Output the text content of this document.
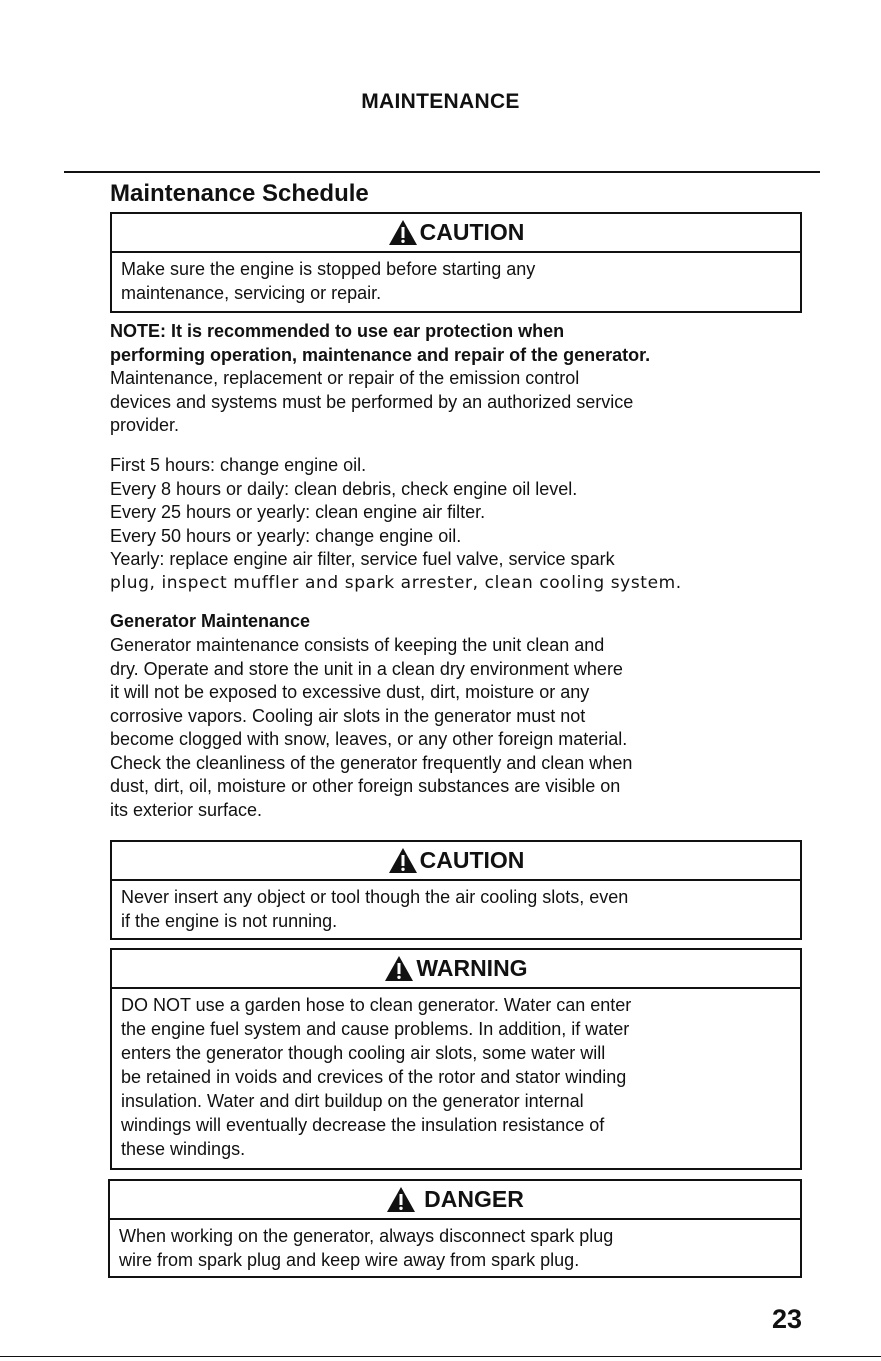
MAINTENANCE
Maintenance Schedule
CAUTION
Make sure the engine is stopped before starting any
maintenance, servicing or repair.
NOTE: It is recommended to use ear protection when
performing operation, maintenance and repair of the generator.
Maintenance, replacement or repair of the emission control
devices and systems must be performed by an authorized service
provider.
First 5 hours: change engine oil.
Every 8 hours or daily: clean debris, check engine oil level.
Every 25 hours or yearly: clean engine air filter.
Every 50 hours or yearly: change engine oil.
Yearly: replace engine air filter, service fuel valve, service spark
plug, inspect muffler and spark arrester, clean cooling system.
Generator Maintenance
Generator maintenance consists of keeping the unit clean and
dry. Operate and store the unit in a clean dry environment where
it will not be exposed to excessive dust, dirt, moisture or any
corrosive vapors. Cooling air slots in the generator must not
become clogged with snow, leaves, or any other foreign material.
Check the cleanliness of the generator frequently and clean when
dust, dirt, oil, moisture or other foreign substances are visible on
its exterior surface.
CAUTION
Never insert any object or tool though the air cooling slots, even
if the engine is not running.
WARNING
DO NOT use a garden hose to clean generator. Water can enter
the engine fuel system and cause problems. In addition, if water
enters the generator though cooling air slots, some water will
be retained in voids and crevices of the rotor and stator winding
insulation. Water and dirt buildup on the generator internal
windings will eventually decrease the insulation resistance of
these windings.
DANGER
When working on the generator, always disconnect spark plug
wire from spark plug and keep wire away from spark plug.
23
